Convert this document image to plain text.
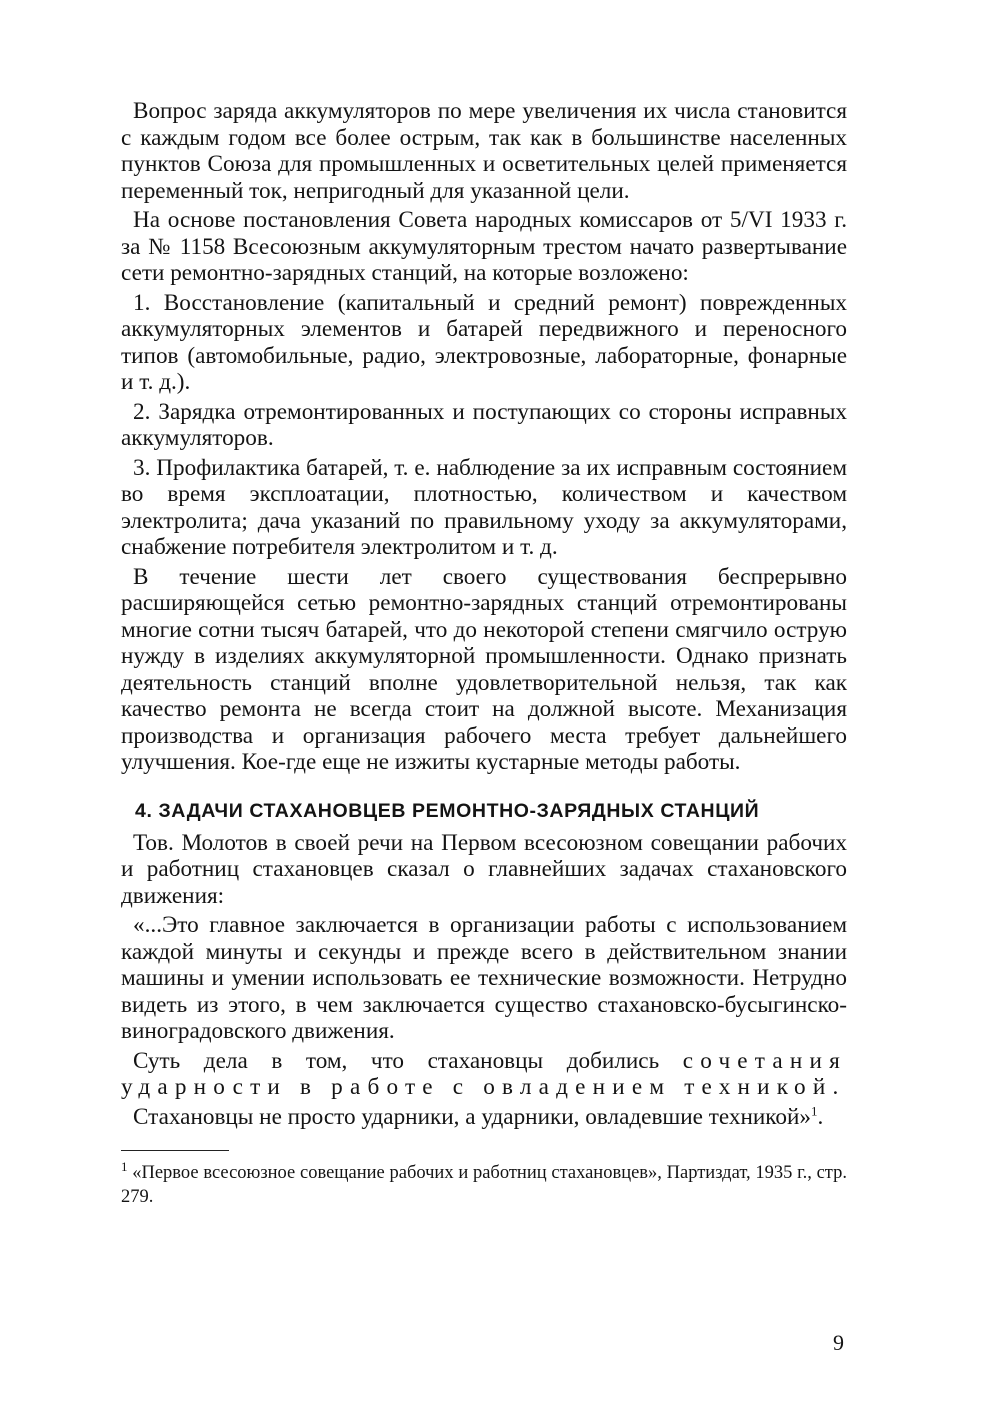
Вопрос заряда аккумуляторов по мере увеличения их числа становится с каждым годом все более острым, так как в большинстве населенных пунктов Союза для промышленных и осветительных целей применяется переменный ток, непригодный для указанной цели.

На основе постановления Совета народных комиссаров от 5/VI 1933 г. за № 1158 Всесоюзным аккумуляторным трестом начато развертывание сети ремонтно-зарядных станций, на которые возложено:

1. Восстановление (капитальный и средний ремонт) поврежденных аккумуляторных элементов и батарей передвижного и переносного типов (автомобильные, радио, электровозные, лабораторные, фонарные и т. д.).

2. Зарядка отремонтированных и поступающих со стороны исправных аккумуляторов.

3. Профилактика батарей, т. е. наблюдение за их исправным состоянием во время эксплоатации, плотностью, количеством и качеством электролита; дача указаний по правильному уходу за аккумуляторами, снабжение потребителя электролитом и т. д.

В течение шести лет своего существования беспрерывно расширяющейся сетью ремонтно-зарядных станций отремонтированы многие сотни тысяч батарей, что до некоторой степени смягчило острую нужду в изделиях аккумуляторной промышленности. Однако признать деятельность станций вполне удовлетворительной нельзя, так как качество ремонта не всегда стоит на должной высоте. Механизация производства и организация рабочего места требует дальнейшего улучшения. Кое-где еще не изжиты кустарные методы работы.

4. ЗАДАЧИ СТАХАНОВЦЕВ РЕМОНТНО-ЗАРЯДНЫХ СТАНЦИЙ

Тов. Молотов в своей речи на Первом всесоюзном совещании рабочих и работниц стахановцев сказал о главнейших задачах стахановского движения:

«...Это главное заключается в организации работы с использованием каждой минуты и секунды и прежде всего в действительном знании машины и умении использовать ее технические возможности. Нетрудно видеть из этого, в чем заключается существо стахановско-бусыгинско-виноградовского движения.

Суть дела в том, что стахановцы добились сочетания ударности в работе с овладением техникой.

Стахановцы не просто ударники, а ударники, овладевшие техникой»$^1$.

$^1$ «Первое всесоюзное совещание рабочих и работниц стахановцев», Партиздат, 1935 г., стр. 279.

9
